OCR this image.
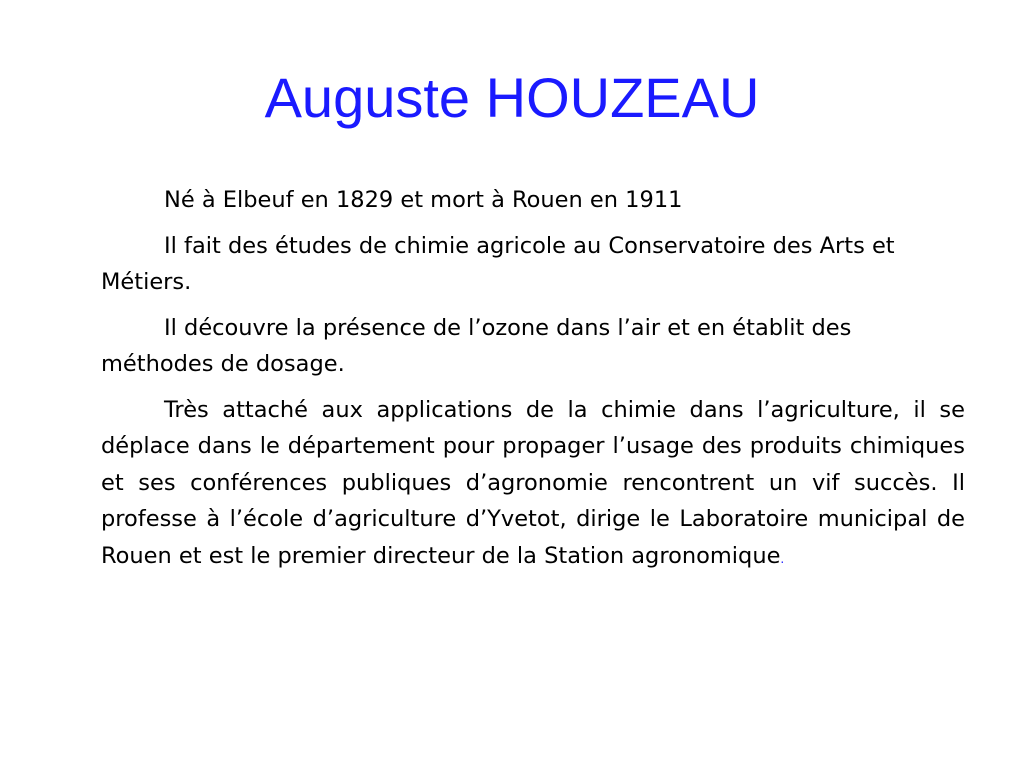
Auguste HOUZEAU

Né à Elbeuf en 1829 et mort à Rouen en 1911

Il fait des études de chimie agricole au Conservatoire des Arts et Métiers.

Il découvre la présence de l’ozone dans l’air et en établit des méthodes de dosage.

Très attaché aux applications de la chimie dans l’agriculture, il se déplace dans le département pour propager l’usage des produits chimiques et ses conférences publiques d’agronomie rencontrent un vif succès. Il professe à l’école d’agriculture d’Yvetot, dirige le Laboratoire municipal de Rouen et est le premier directeur de la Station agronomique.
